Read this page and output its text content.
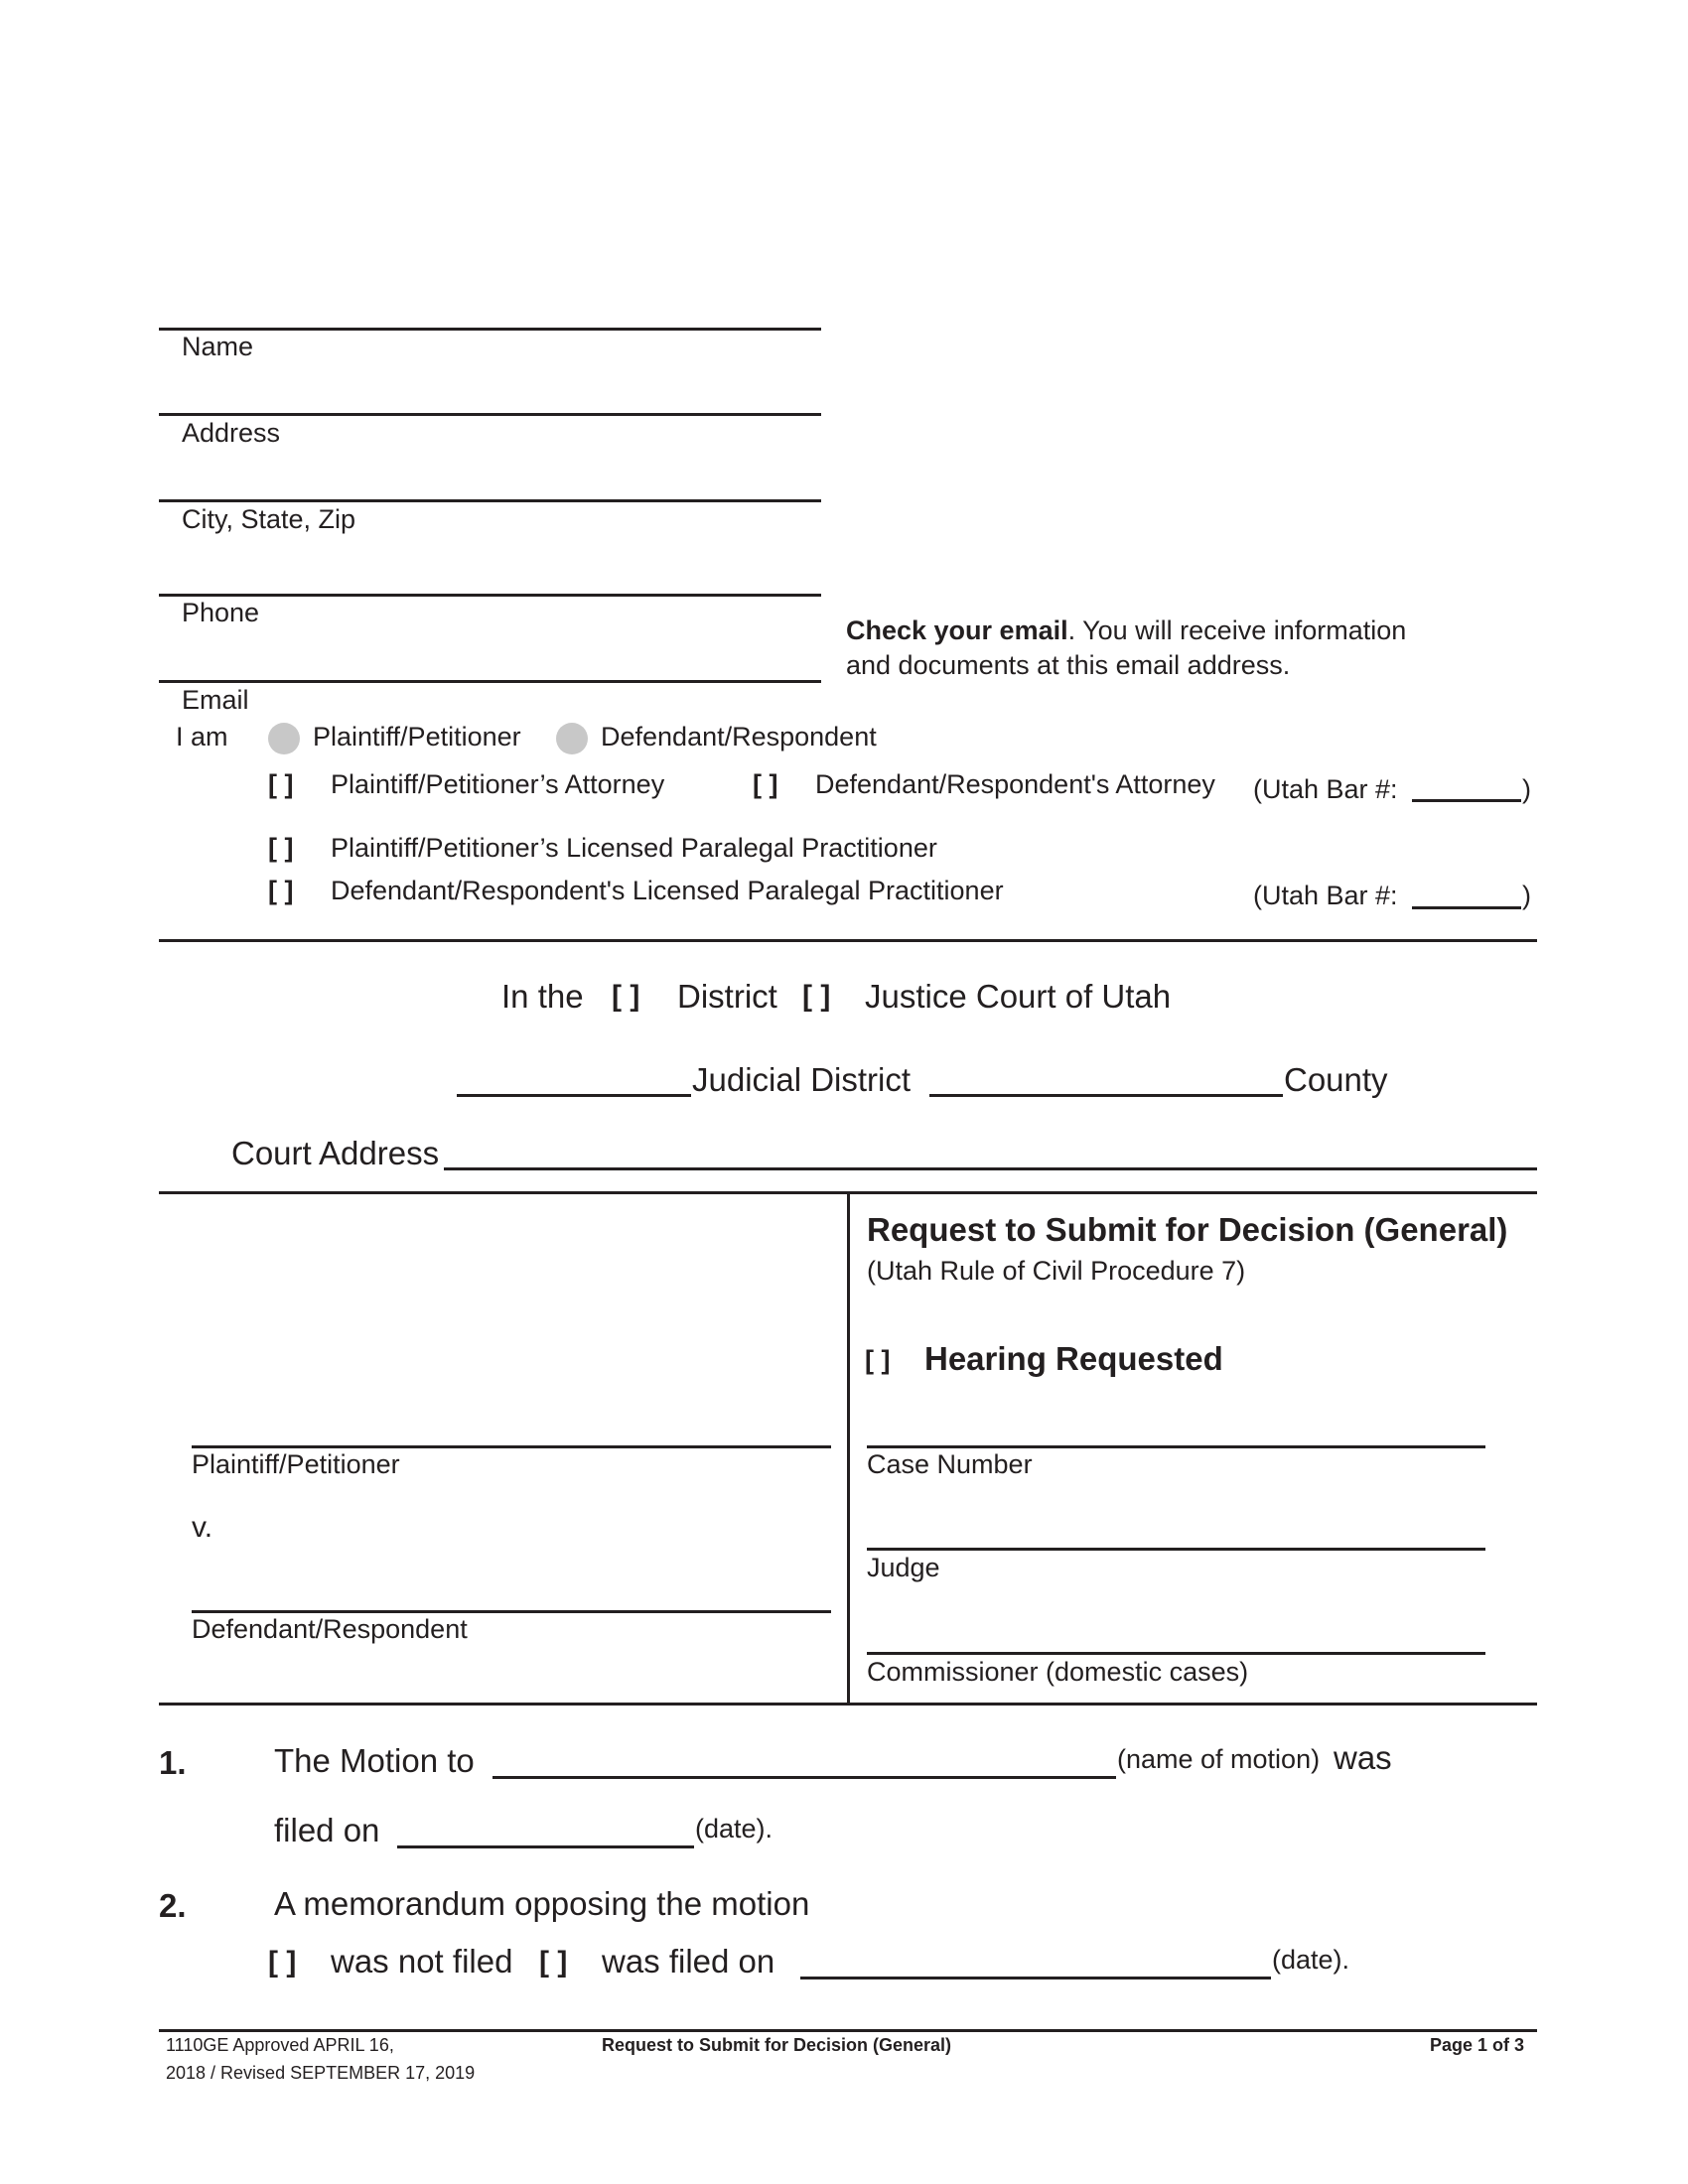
Name
Address
City, State, Zip
Phone
Email
Check your email. You will receive information
and documents at this email address.
I am	Plaintiff/Petitioner	Defendant/Respondent
[ ] Plaintiff/Petitioner’s Attorney	[ ] Defendant/Respondent's Attorney (Utah Bar #:	)
[ ] Plaintiff/Petitioner’s Licensed Paralegal Practitioner
[ ] Defendant/Respondent's Licensed Paralegal Practitioner	(Utah Bar #:	)
In the [ ] District [ ] Justice Court of Utah
Judicial District	County
Court Address
Request to Submit for Decision (General)
(Utah Rule of Civil Procedure 7)
[ ] Hearing Requested
Plaintiff/Petitioner
v.
Defendant/Respondent
Case Number
Judge
Commissioner (domestic cases)
1.	The Motion to	(name of motion) was
filed on	(date).
2.	A memorandum opposing the motion
[ ] was not filed [ ] was filed on	(date).
1110GE Approved APRIL 16,
2018 / Revised SEPTEMBER 17, 2019
Request to Submit for Decision (General)	Page 1 of 3
